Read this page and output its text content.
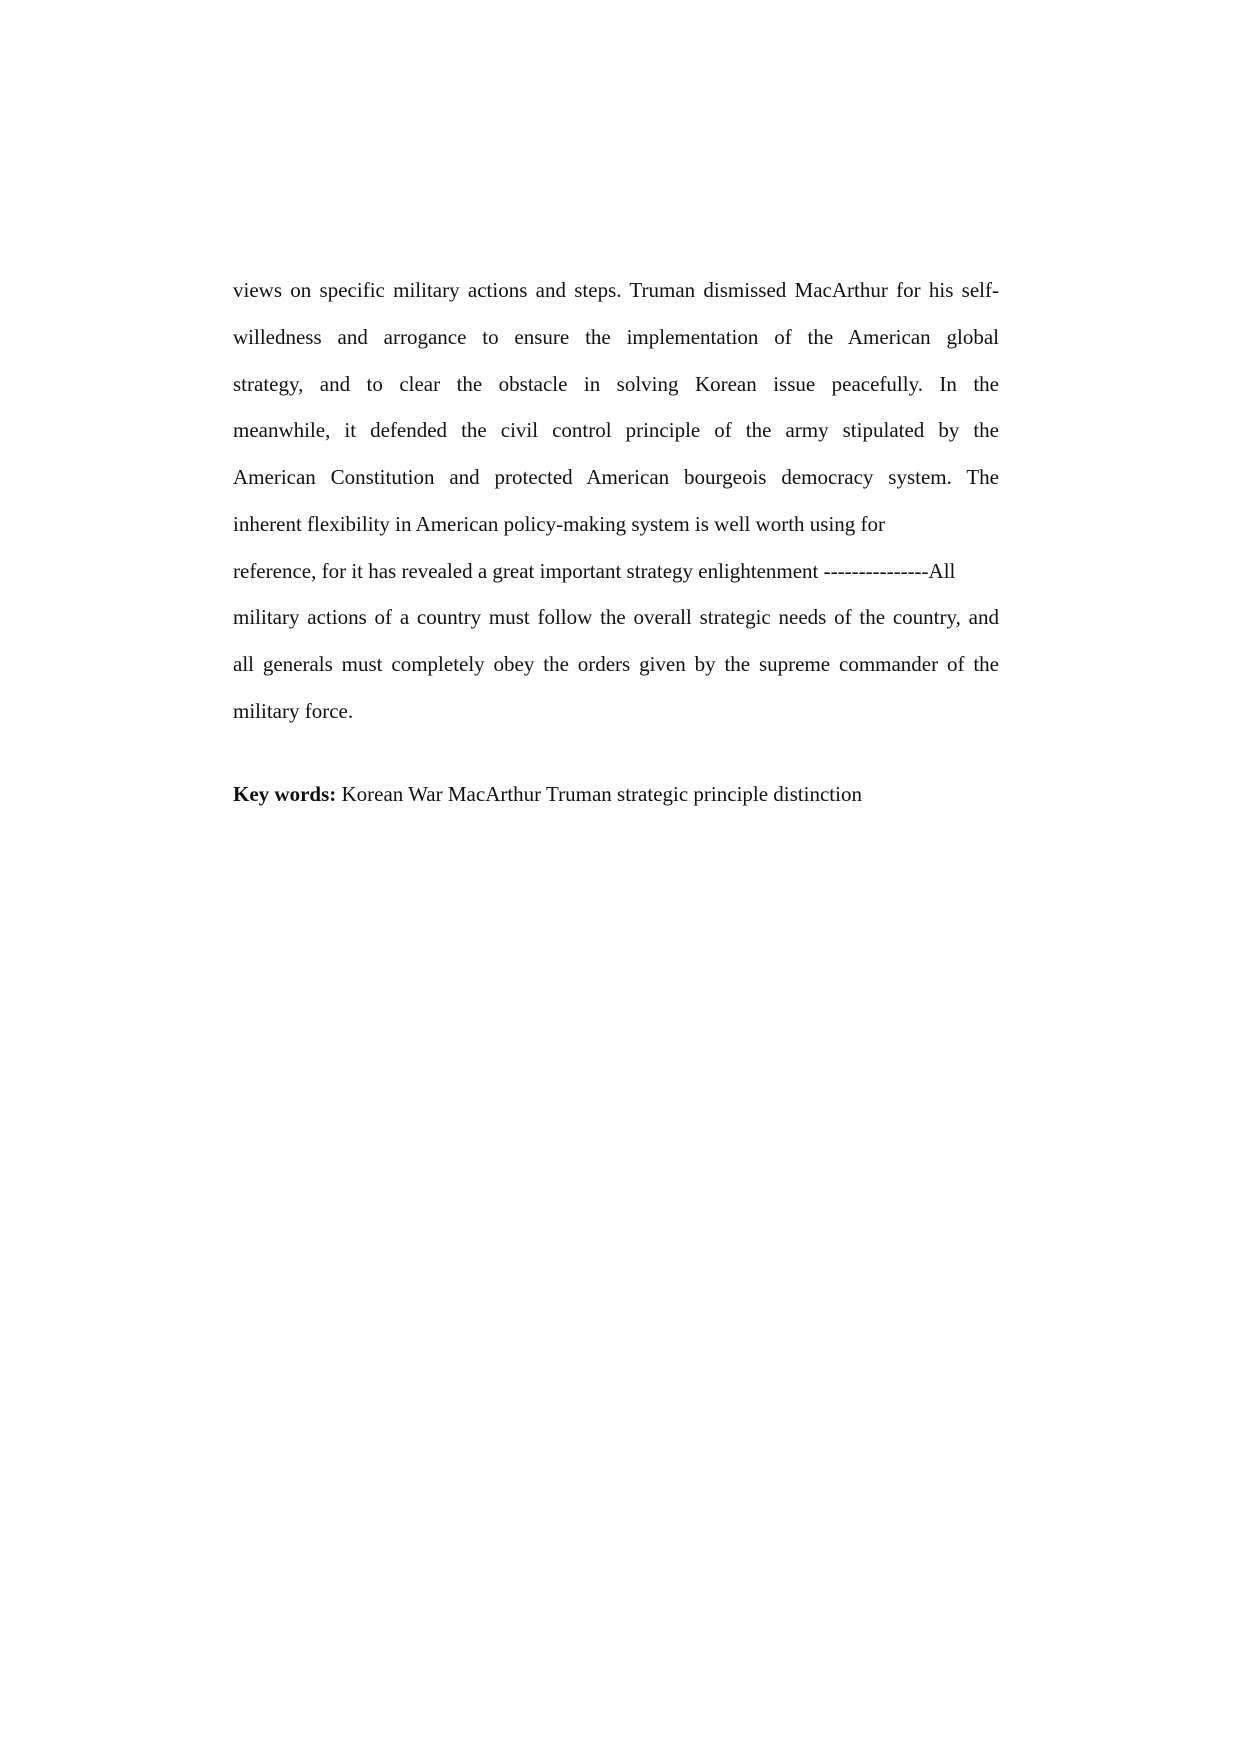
views on specific military actions and steps. Truman dismissed MacArthur for his self-
willedness and arrogance to ensure the implementation of the American global
strategy, and to clear the obstacle in solving Korean issue peacefully. In the
meanwhile, it defended the civil control principle of the army stipulated by the
American Constitution and protected American bourgeois democracy system. The
inherent flexibility in American policy-making system is well worth using for
reference, for it has revealed a great important strategy enlightenment ---------------All
military actions of a country must follow the overall strategic needs of the country, and
all generals must completely obey the orders given by the supreme commander of the
military force.
Key words: Korean War MacArthur Truman strategic principle distinction
